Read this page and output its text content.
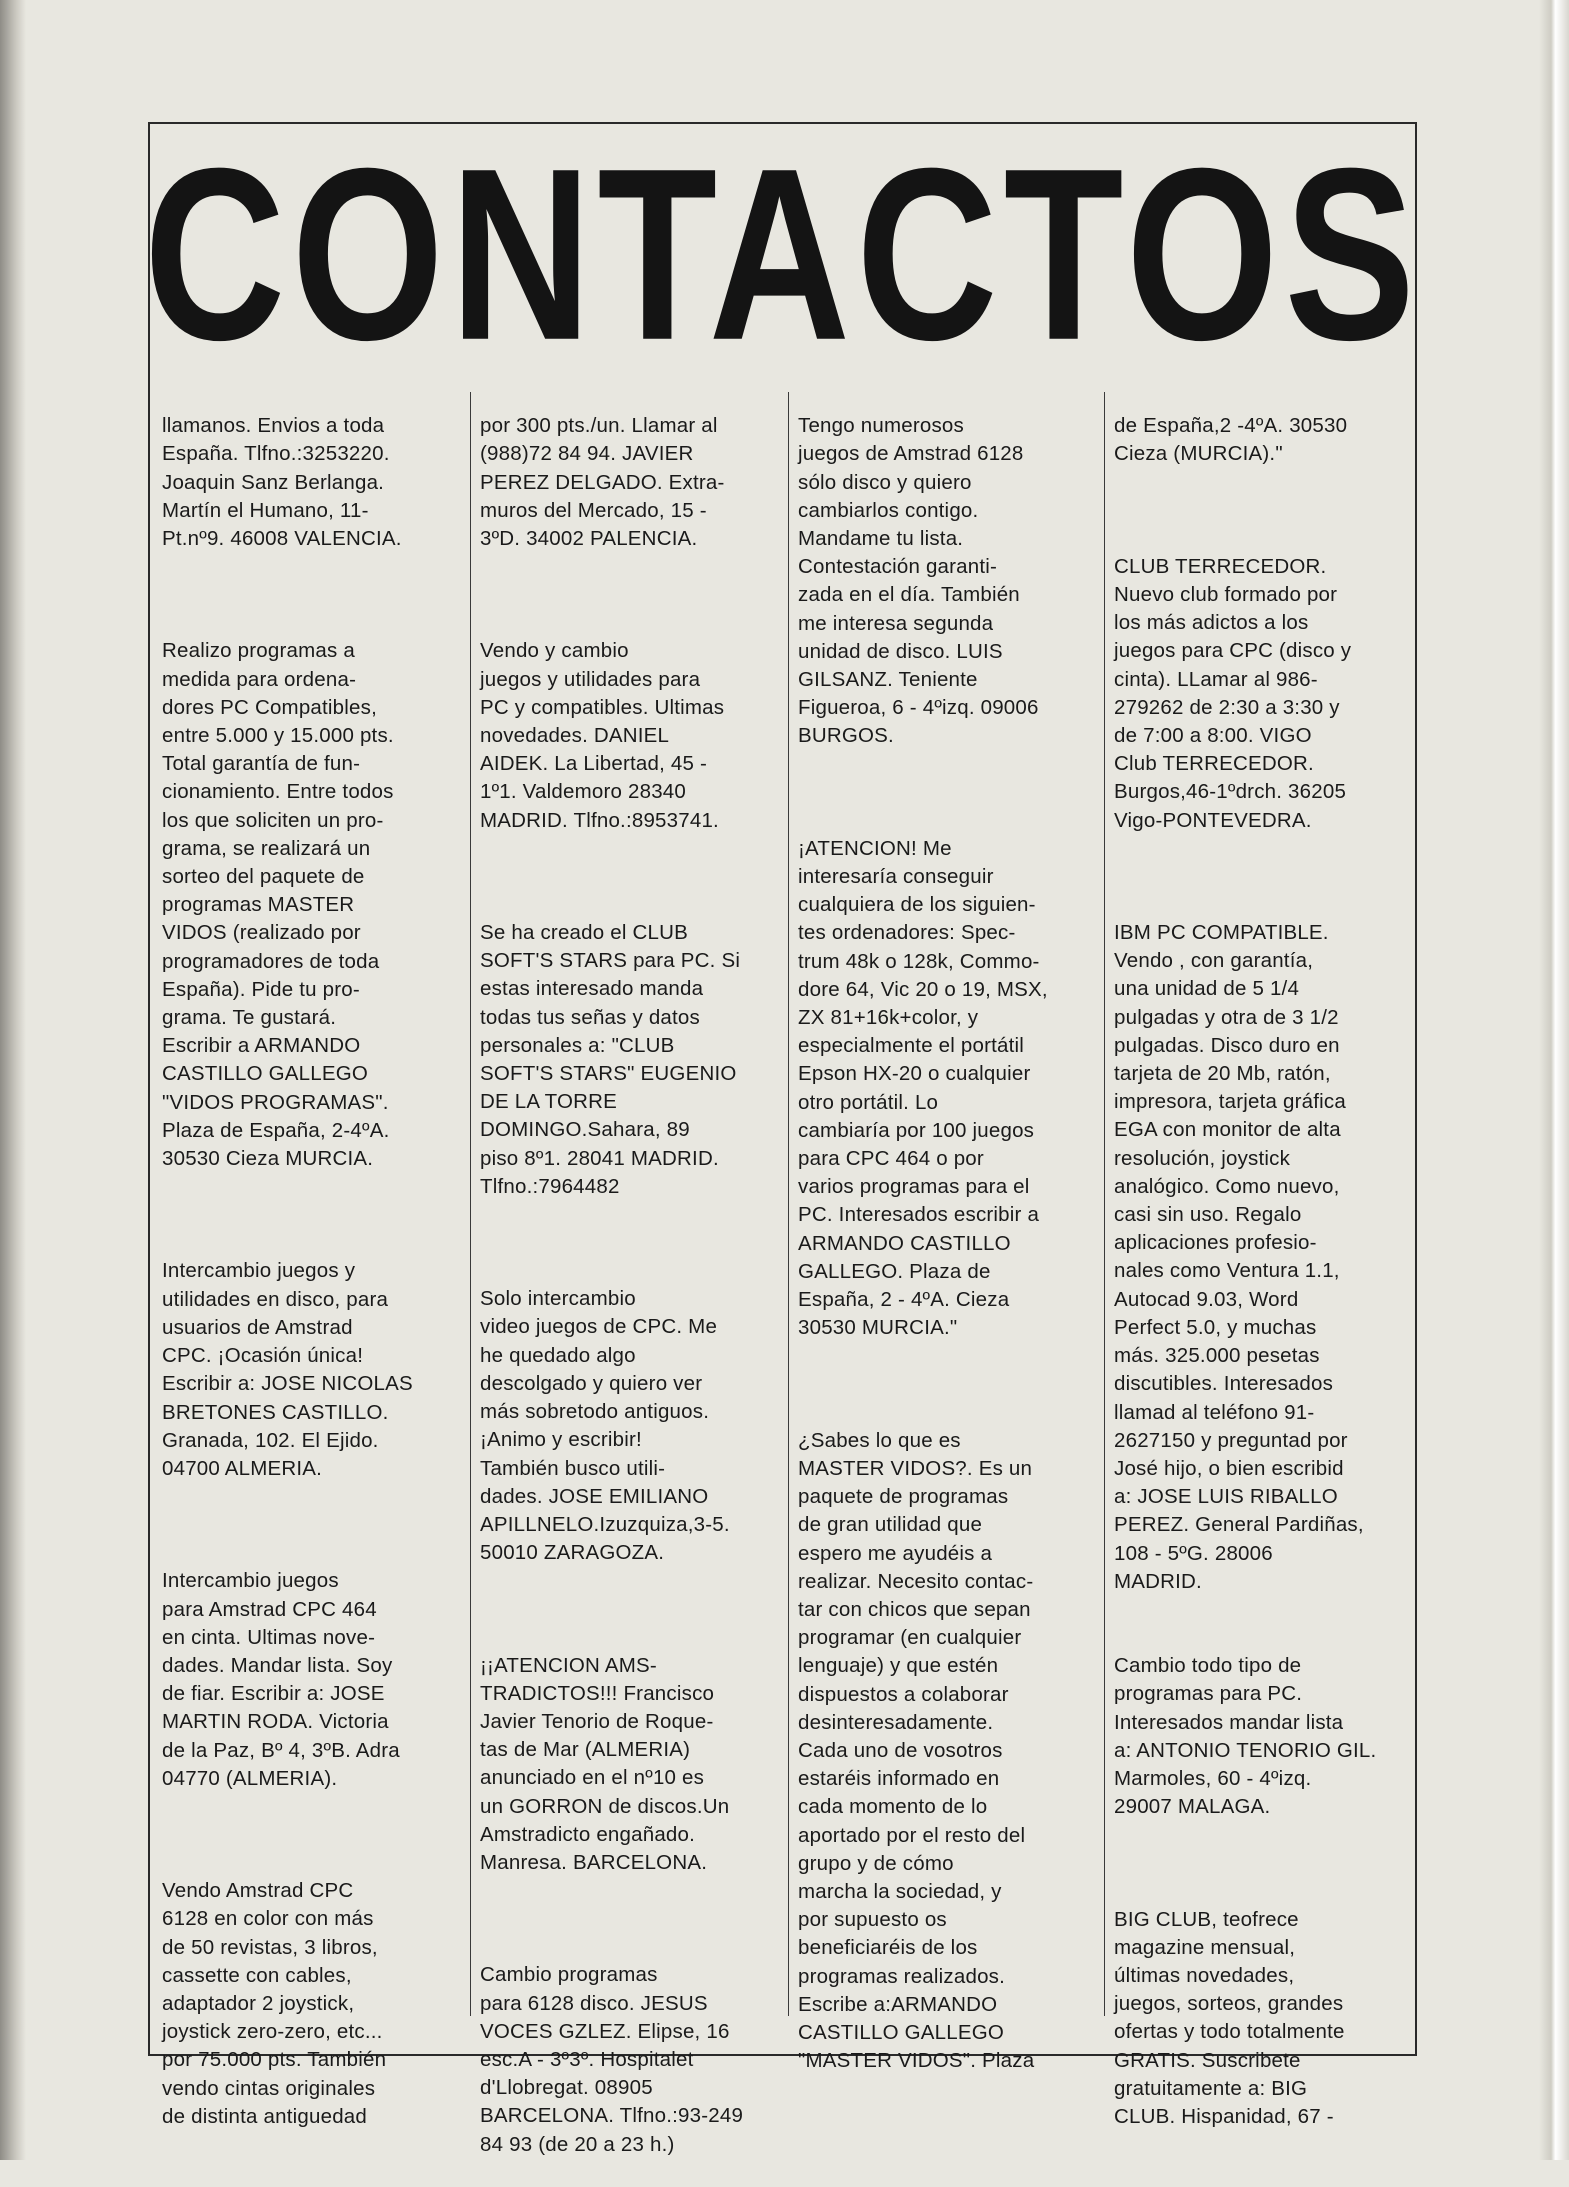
CONTACTOS

llamanos. Envios a toda
España. Tlfno.:3253220.
Joaquin Sanz Berlanga.
Martín el Humano, 11-
Pt.nº9. 46008 VALENCIA.

Realizo programas a
medida para ordena-
dores PC Compatibles,
entre 5.000 y 15.000 pts.
Total garantía de fun-
cionamiento. Entre todos
los que soliciten un pro-
grama, se realizará un
sorteo del paquete de
programas MASTER
VIDOS (realizado por
programadores de toda
España). Pide tu pro-
grama. Te gustará.
Escribir a ARMANDO
CASTILLO GALLEGO
"VIDOS PROGRAMAS".
Plaza de España, 2-4ºA.
30530 Cieza MURCIA.

Intercambio juegos y
utilidades en disco, para
usuarios de Amstrad
CPC. ¡Ocasión única!
Escribir a: JOSE NICOLAS
BRETONES CASTILLO.
Granada, 102. El Ejido.
04700 ALMERIA.

Intercambio juegos
para Amstrad CPC 464
en cinta. Ultimas nove-
dades. Mandar lista. Soy
de fiar. Escribir a: JOSE
MARTIN RODA. Victoria
de la Paz, Bº 4, 3ºB. Adra
04770 (ALMERIA).

Vendo Amstrad CPC
6128 en color con más
de 50 revistas, 3 libros,
cassette con cables,
adaptador 2 joystick,
joystick zero-zero, etc...
por 75.000 pts. También
vendo cintas originales
de distinta antiguedad

por 300 pts./un. Llamar al
(988)72 84 94. JAVIER
PEREZ DELGADO. Extra-
muros del Mercado, 15 -
3ºD. 34002 PALENCIA.

Vendo y cambio
juegos y utilidades para
PC y compatibles. Ultimas
novedades. DANIEL
AIDEK. La Libertad, 45 -
1º1. Valdemoro 28340
MADRID. Tlfno.:8953741.

Se ha creado el CLUB
SOFT'S STARS para PC. Si
estas interesado manda
todas tus señas y datos
personales a: "CLUB
SOFT'S STARS" EUGENIO
DE LA TORRE
DOMINGO.Sahara, 89
piso 8º1. 28041 MADRID.
Tlfno.:7964482

Solo intercambio
video juegos de CPC. Me
he quedado algo
descolgado y quiero ver
más sobretodo antiguos.
¡Animo y escribir!
También busco utili-
dades. JOSE EMILIANO
APILLNELO.Izuzquiza,3-5.
50010 ZARAGOZA.

¡¡ATENCION AMS-
TRADICTOS!!! Francisco
Javier Tenorio de Roque-
tas de Mar (ALMERIA)
anunciado en el nº10 es
un GORRON de discos.Un
Amstradicto engañado.
Manresa. BARCELONA.

Cambio programas
para 6128 disco. JESUS
VOCES GZLEZ. Elipse, 16
esc.A - 3º3º. Hospitalet
d'Llobregat. 08905
BARCELONA. Tlfno.:93-249
84 93 (de 20 a 23 h.)

Tengo numerosos
juegos de Amstrad 6128
sólo disco y quiero
cambiarlos contigo.
Mandame tu lista.
Contestación garanti-
zada en el día. También
me interesa segunda
unidad de disco. LUIS
GILSANZ. Teniente
Figueroa, 6 - 4ºizq. 09006
BURGOS.

¡ATENCION! Me
interesaría conseguir
cualquiera de los siguien-
tes ordenadores: Spec-
trum 48k o 128k, Commo-
dore 64, Vic 20 o 19, MSX,
ZX 81+16k+color, y
especialmente el portátil
Epson HX-20 o cualquier
otro portátil. Lo
cambiaría por 100 juegos
para CPC 464 o por
varios programas para el
PC. Interesados escribir a
ARMANDO CASTILLO
GALLEGO. Plaza de
España, 2 - 4ºA. Cieza
30530 MURCIA."

¿Sabes lo que es
MASTER VIDOS?. Es un
paquete de programas
de gran utilidad que
espero me ayudéis a
realizar. Necesito contac-
tar con chicos que sepan
programar (en cualquier
lenguaje) y que estén
dispuestos a colaborar
desinteresadamente.
Cada uno de vosotros
estaréis informado en
cada momento de lo
aportado por el resto del
grupo y de cómo
marcha la sociedad, y
por supuesto os
beneficiaréis de los
programas realizados.
Escribe a:ARMANDO
CASTILLO GALLEGO
"MASTER VIDOS". Plaza

de España,2 -4ºA. 30530
Cieza (MURCIA)."

CLUB TERRECEDOR.
Nuevo club formado por
los más adictos a los
juegos para CPC (disco y
cinta). LLamar al 986-
279262 de 2:30 a 3:30 y
de 7:00 a 8:00. VIGO
Club TERRECEDOR.
Burgos,46-1ºdrch. 36205
Vigo-PONTEVEDRA.

IBM PC COMPATIBLE.
Vendo , con garantía,
una unidad de 5 1/4
pulgadas y otra de 3 1/2
pulgadas. Disco duro en
tarjeta de 20 Mb, ratón,
impresora, tarjeta gráfica
EGA con monitor de alta
resolución, joystick
analógico. Como nuevo,
casi sin uso. Regalo
aplicaciones profesio-
nales como Ventura 1.1,
Autocad 9.03, Word
Perfect 5.0, y muchas
más. 325.000 pesetas
discutibles. Interesados
llamad al teléfono 91-
2627150 y preguntad por
José hijo, o bien escribid
a: JOSE LUIS RIBALLO
PEREZ. General Pardiñas,
108 - 5ºG. 28006
MADRID.

Cambio todo tipo de
programas para PC.
Interesados mandar lista
a: ANTONIO TENORIO GIL.
Marmoles, 60 - 4ºizq.
29007 MALAGA.

BIG CLUB, teofrece
magazine mensual,
últimas novedades,
juegos, sorteos, grandes
ofertas y todo totalmente
GRATIS. Suscribete
gratuitamente a: BIG
CLUB. Hispanidad, 67 -
